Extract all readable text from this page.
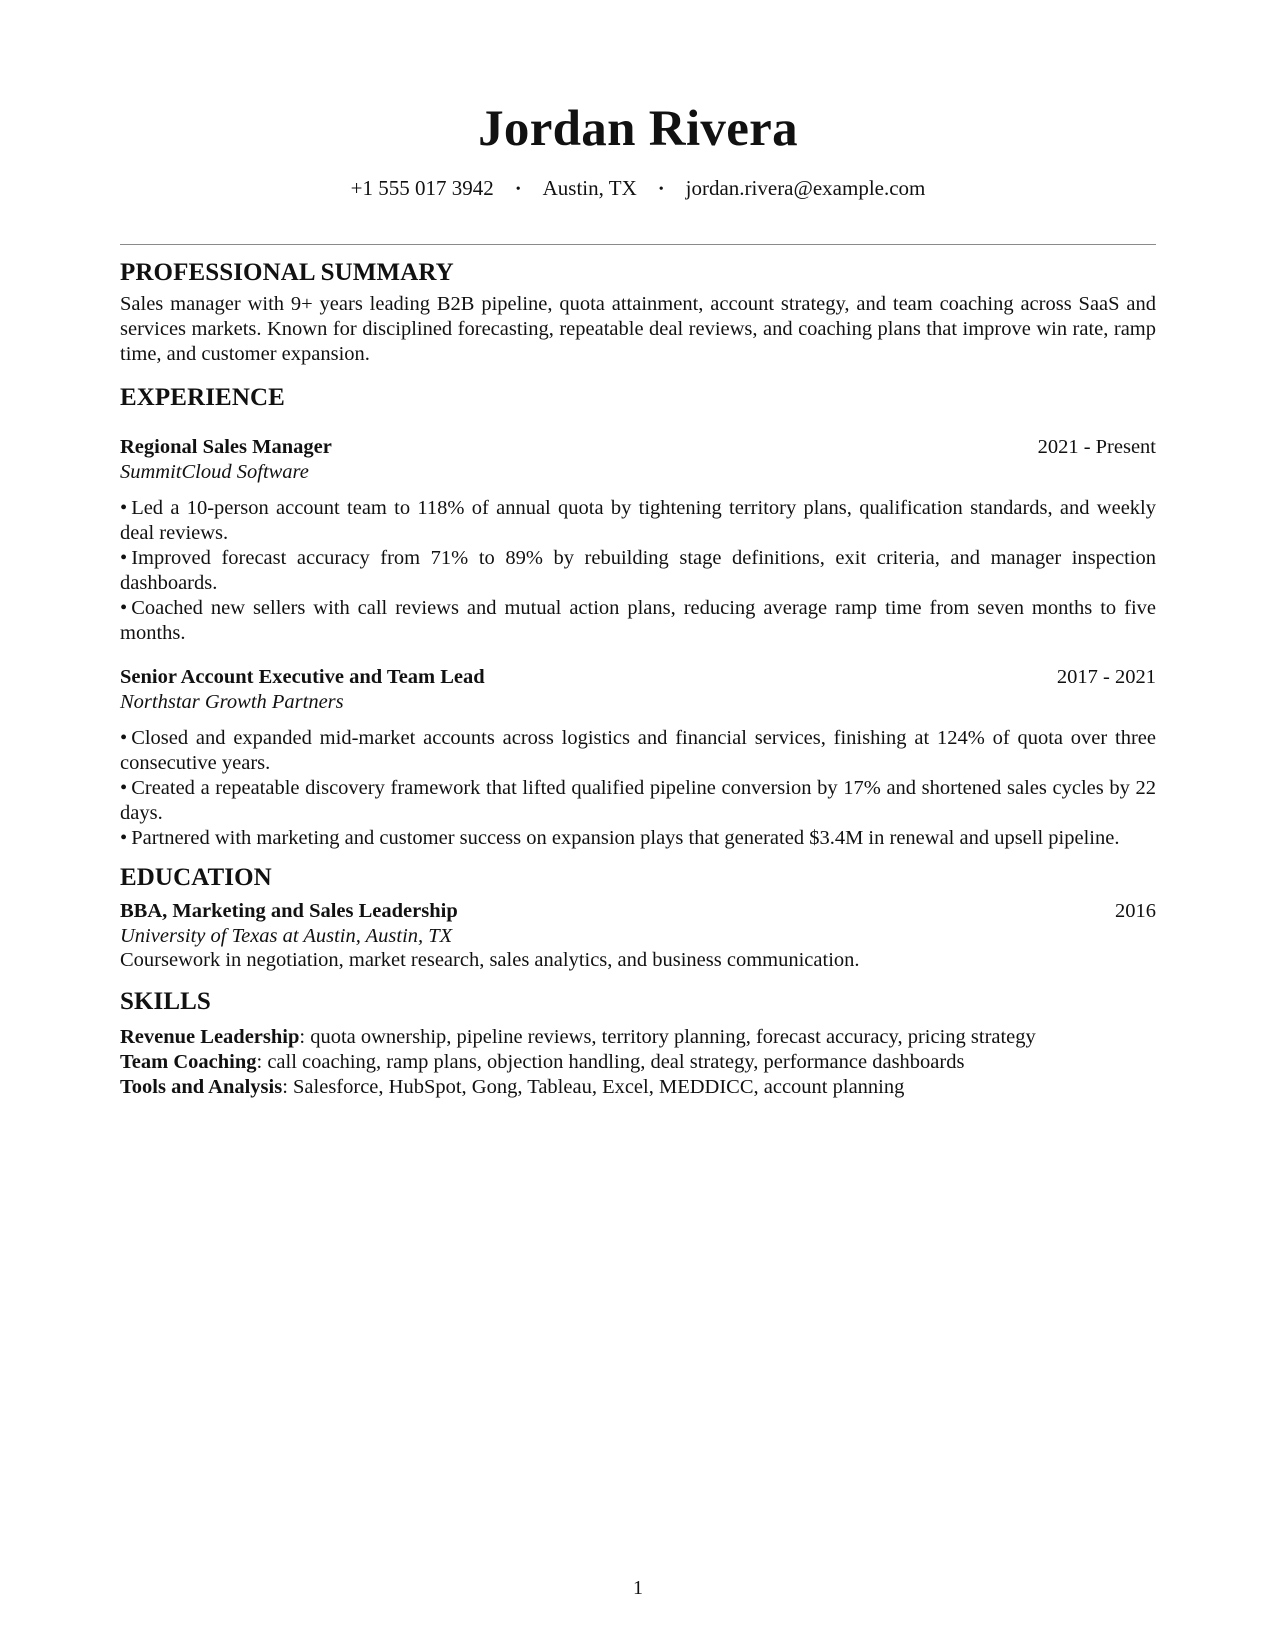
Jordan Rivera
+1 555 017 3942 • Austin, TX • jordan.rivera@example.com
PROFESSIONAL SUMMARY

Sales manager with 9+ years leading B2B pipeline, quota attainment, account strategy, and team coaching across SaaS and services markets. Known for disciplined forecasting, repeatable deal reviews, and coaching plans that improve win rate, ramp time, and customer expansion.

EXPERIENCE
Regional Sales Manager	2021 - Present
SummitCloud Software
• Led a 10-person account team to 118% of annual quota by tightening territory plans, qualification standards, and weekly deal reviews.
• Improved forecast accuracy from 71% to 89% by rebuilding stage definitions, exit criteria, and manager inspection dashboards.
• Coached new sellers with call reviews and mutual action plans, reducing average ramp time from seven months to five months.
Senior Account Executive and Team Lead	2017 - 2021
Northstar Growth Partners
• Closed and expanded mid-market accounts across logistics and financial services, finishing at 124% of quota over three consecutive years.
• Created a repeatable discovery framework that lifted qualified pipeline conversion by 17% and shortened sales cycles by 22 days.
• Partnered with marketing and customer success on expansion plays that generated $3.4M in renewal and upsell pipeline.
EDUCATION
BBA, Marketing and Sales Leadership	2016
University of Texas at Austin, Austin, TX
Coursework in negotiation, market research, sales analytics, and business communication.
SKILLS
Revenue Leadership: quota ownership, pipeline reviews, territory planning, forecast accuracy, pricing strategy
Team Coaching: call coaching, ramp plans, objection handling, deal strategy, performance dashboards
Tools and Analysis: Salesforce, HubSpot, Gong, Tableau, Excel, MEDDICC, account planning
1
